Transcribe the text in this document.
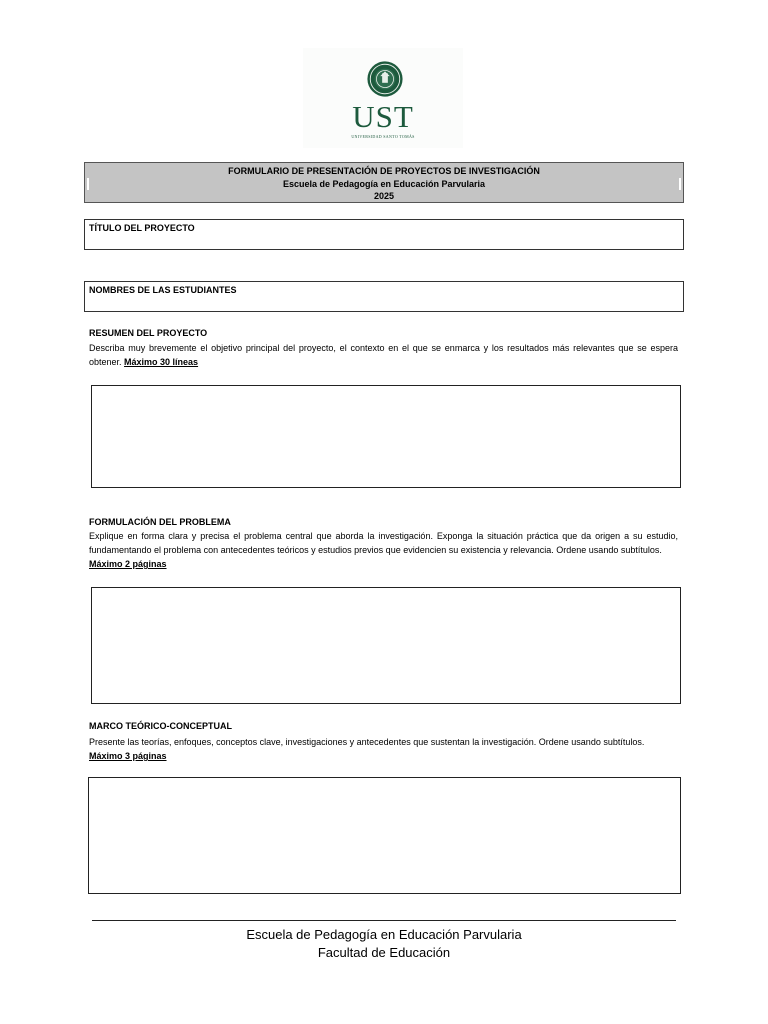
UST
UNIVERSIDAD SANTO TOMÁS
FORMULARIO DE PRESENTACIÓN DE PROYECTOS DE INVESTIGACIÓN
Escuela de Pedagogía en Educación Parvularia
2025
TÍTULO DEL PROYECTO
NOMBRES DE LAS ESTUDIANTES
RESUMEN DEL PROYECTO
Describa muy brevemente el objetivo principal del proyecto, el contexto en el que se enmarca y los resultados más relevantes que se espera obtener. Máximo 30 líneas
FORMULACIÓN DEL PROBLEMA
Explique en forma clara y precisa el problema central que aborda la investigación. Exponga la situación práctica que da origen a su estudio, fundamentando el problema con antecedentes teóricos y estudios previos que evidencien su existencia y relevancia. Ordene usando subtítulos.
Máximo 2 páginas
MARCO TEÓRICO-CONCEPTUAL
Presente las teorías, enfoques, conceptos clave, investigaciones y antecedentes que sustentan la investigación. Ordene usando subtítulos.
Máximo 3 páginas
Escuela de Pedagogía en Educación Parvularia
Facultad de Educación
